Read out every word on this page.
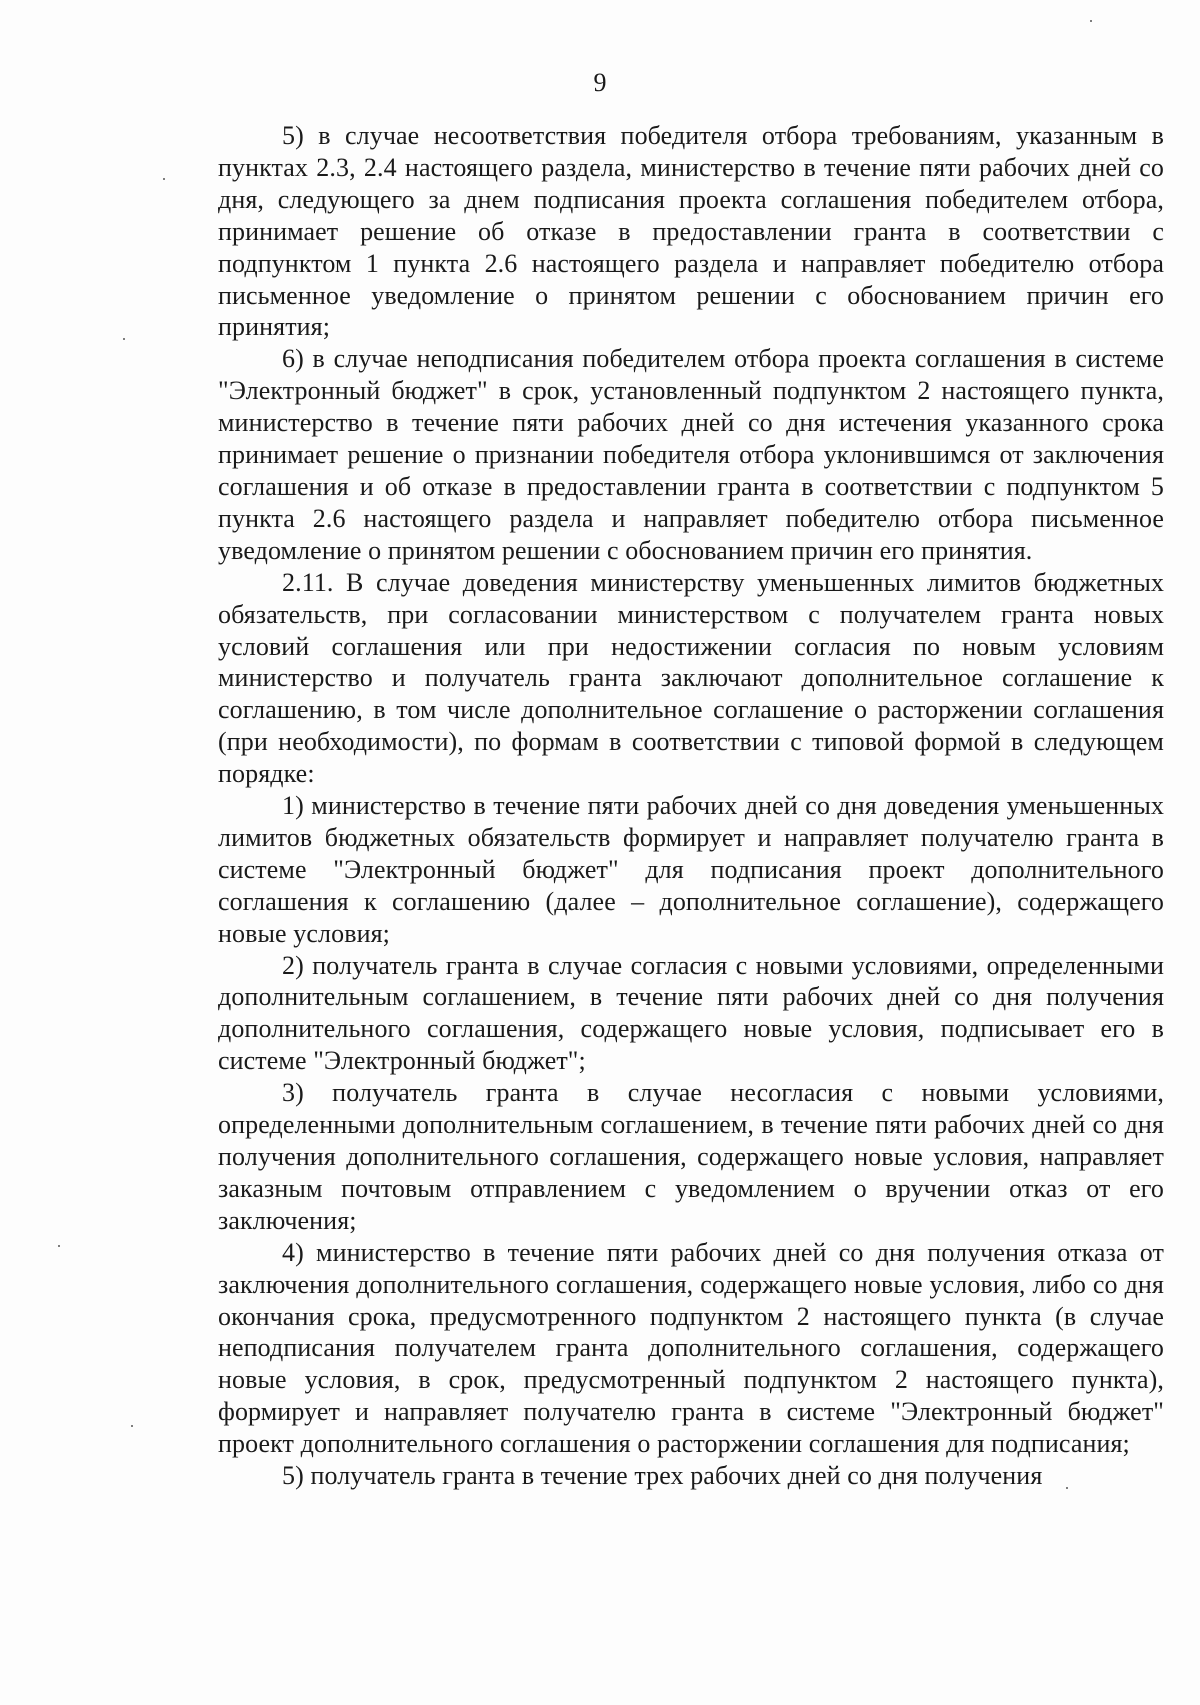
9

5) в случае несоответствия победителя отбора требованиям, указанным в пунктах 2.3, 2.4 настоящего раздела, министерство в течение пяти рабочих дней со дня, следующего за днем подписания проекта соглашения победителем отбора, принимает решение об отказе в предоставлении гранта в соответствии с подпунктом 1 пункта 2.6 настоящего раздела и направляет победителю отбора письменное уведомление о принятом решении с обоснованием причин его принятия;

6) в случае неподписания победителем отбора проекта соглашения в системе "Электронный бюджет" в срок, установленный подпунктом 2 настоящего пункта, министерство в течение пяти рабочих дней со дня истечения указанного срока принимает решение о признании победителя отбора уклонившимся от заключения соглашения и об отказе в предоставлении гранта в соответствии с подпунктом 5 пункта 2.6 настоящего раздела и направляет победителю отбора письменное уведомление о принятом решении с обоснованием причин его принятия.

2.11. В случае доведения министерству уменьшенных лимитов бюджетных обязательств, при согласовании министерством с получателем гранта новых условий соглашения или при недостижении согласия по новым условиям министерство и получатель гранта заключают дополнительное соглашение к соглашению, в том числе дополнительное соглашение о расторжении соглашения (при необходимости), по формам в соответствии с типовой формой в следующем порядке:

1) министерство в течение пяти рабочих дней со дня доведения уменьшенных лимитов бюджетных обязательств формирует и направляет получателю гранта в системе "Электронный бюджет" для подписания проект дополнительного соглашения к соглашению (далее – дополнительное соглашение), содержащего новые условия;

2) получатель гранта в случае согласия с новыми условиями, определенными дополнительным соглашением, в течение пяти рабочих дней со дня получения дополнительного соглашения, содержащего новые условия, подписывает его в системе "Электронный бюджет";

3) получатель гранта в случае несогласия с новыми условиями, определенными дополнительным соглашением, в течение пяти рабочих дней со дня получения дополнительного соглашения, содержащего новые условия, направляет заказным почтовым отправлением с уведомлением о вручении отказ от его заключения;

4) министерство в течение пяти рабочих дней со дня получения отказа от заключения дополнительного соглашения, содержащего новые условия, либо со дня окончания срока, предусмотренного подпунктом 2 настоящего пункта (в случае неподписания получателем гранта дополнительного соглашения, содержащего новые условия, в срок, предусмотренный подпунктом 2 настоящего пункта), формирует и направляет получателю гранта в системе "Электронный бюджет" проект дополнительного соглашения о расторжении соглашения для подписания;

5) получатель гранта в течение трех рабочих дней со дня получения
